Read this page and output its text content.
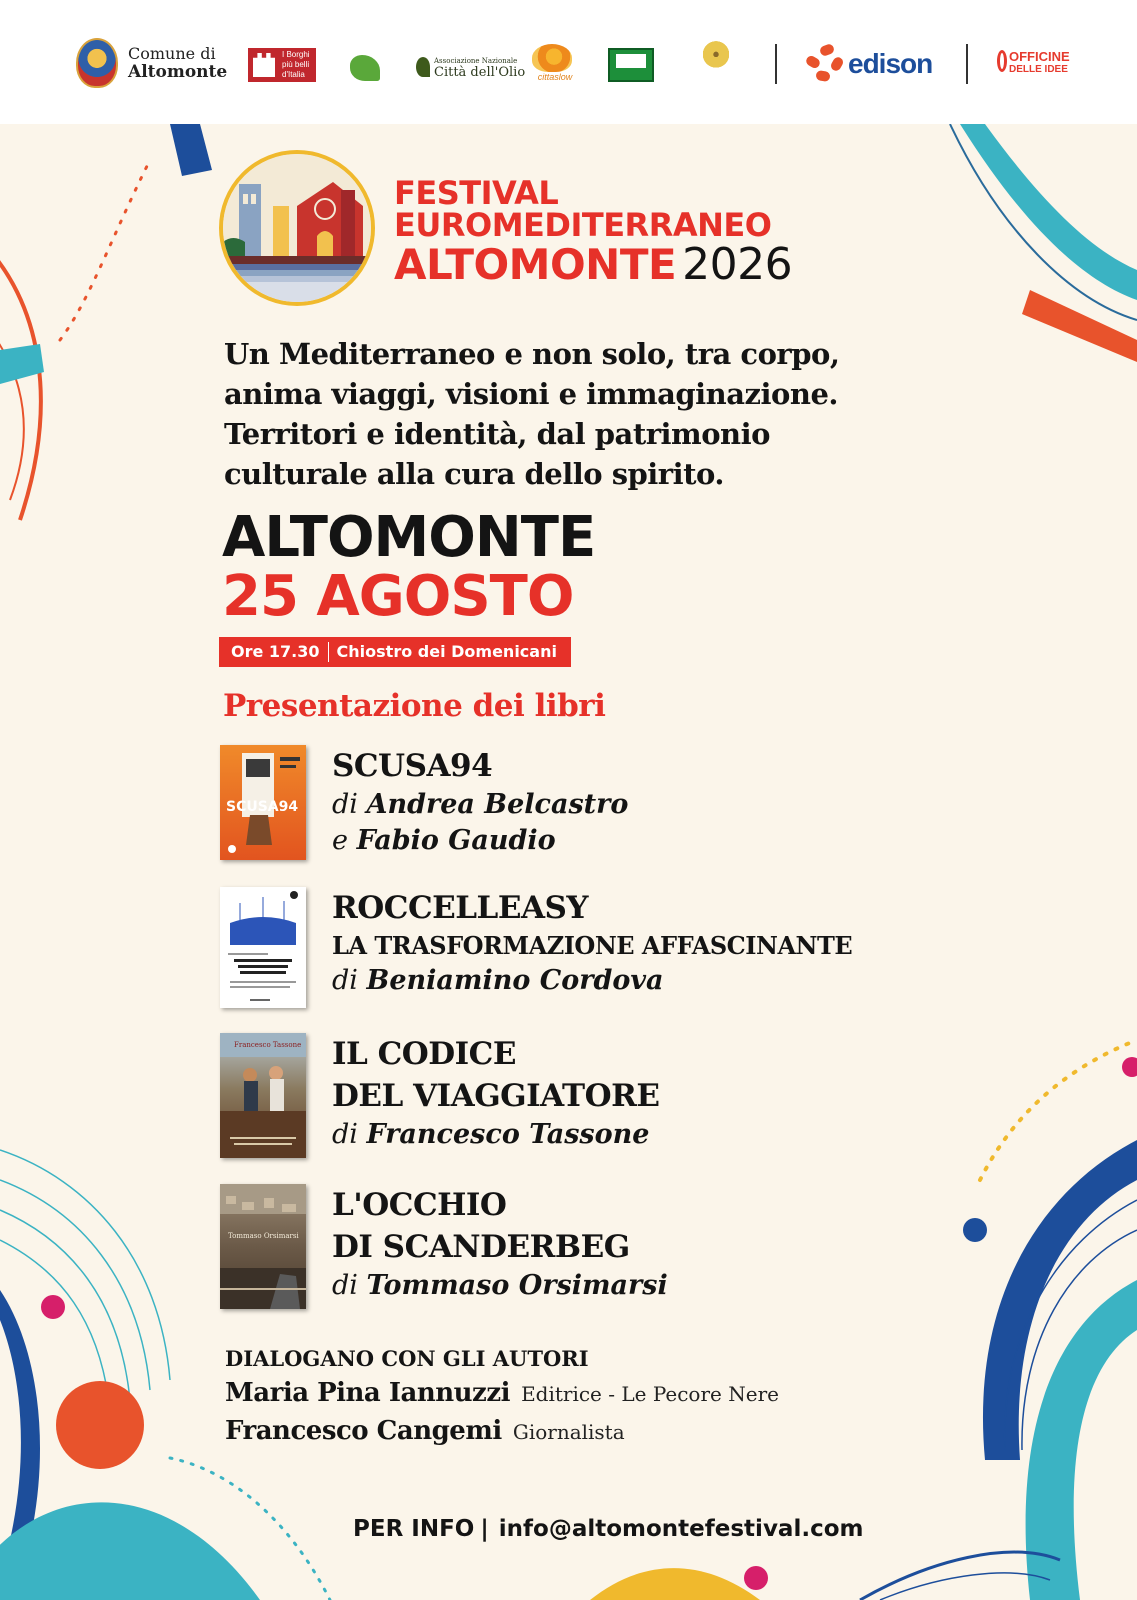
Comune di
Altomonte
I Borghi più belli d'Italia
Associazione Nazionale
Città dell'Olio	cittaslow	edison	OFFICINE
DELLE IDEE
FESTIVAL
EUROMEDITERRANEO
ALTOMONTE 2026
Un Mediterraneo e non solo, tra corpo, anima viaggi, visioni e immaginazione. Territori e identità, dal patrimonio culturale alla cura dello spirito.
ALTOMONTE
25 AGOSTO
Ore 17.30 Chiostro dei Domenicani
Presentazione dei libri
SCUSA94
SCUSA94
di Andrea Belcastro
e Fabio Gaudio
ROCCELLEASY
LA TRASFORMAZIONE AFFASCINANTE
di Beniamino Cordova
Francesco Tassone IL CODICE
DEL VIAGGIATORE
di Francesco Tassone
Tommaso Orsimarsi
L'OCCHIO
DI SCANDERBEG
di Tommaso Orsimarsi
DIALOGANO CON GLI AUTORI
Maria Pina Iannuzzi Editrice - Le Pecore Nere
Francesco Cangemi Giornalista
PER INFO | info@altomontefestival.com
